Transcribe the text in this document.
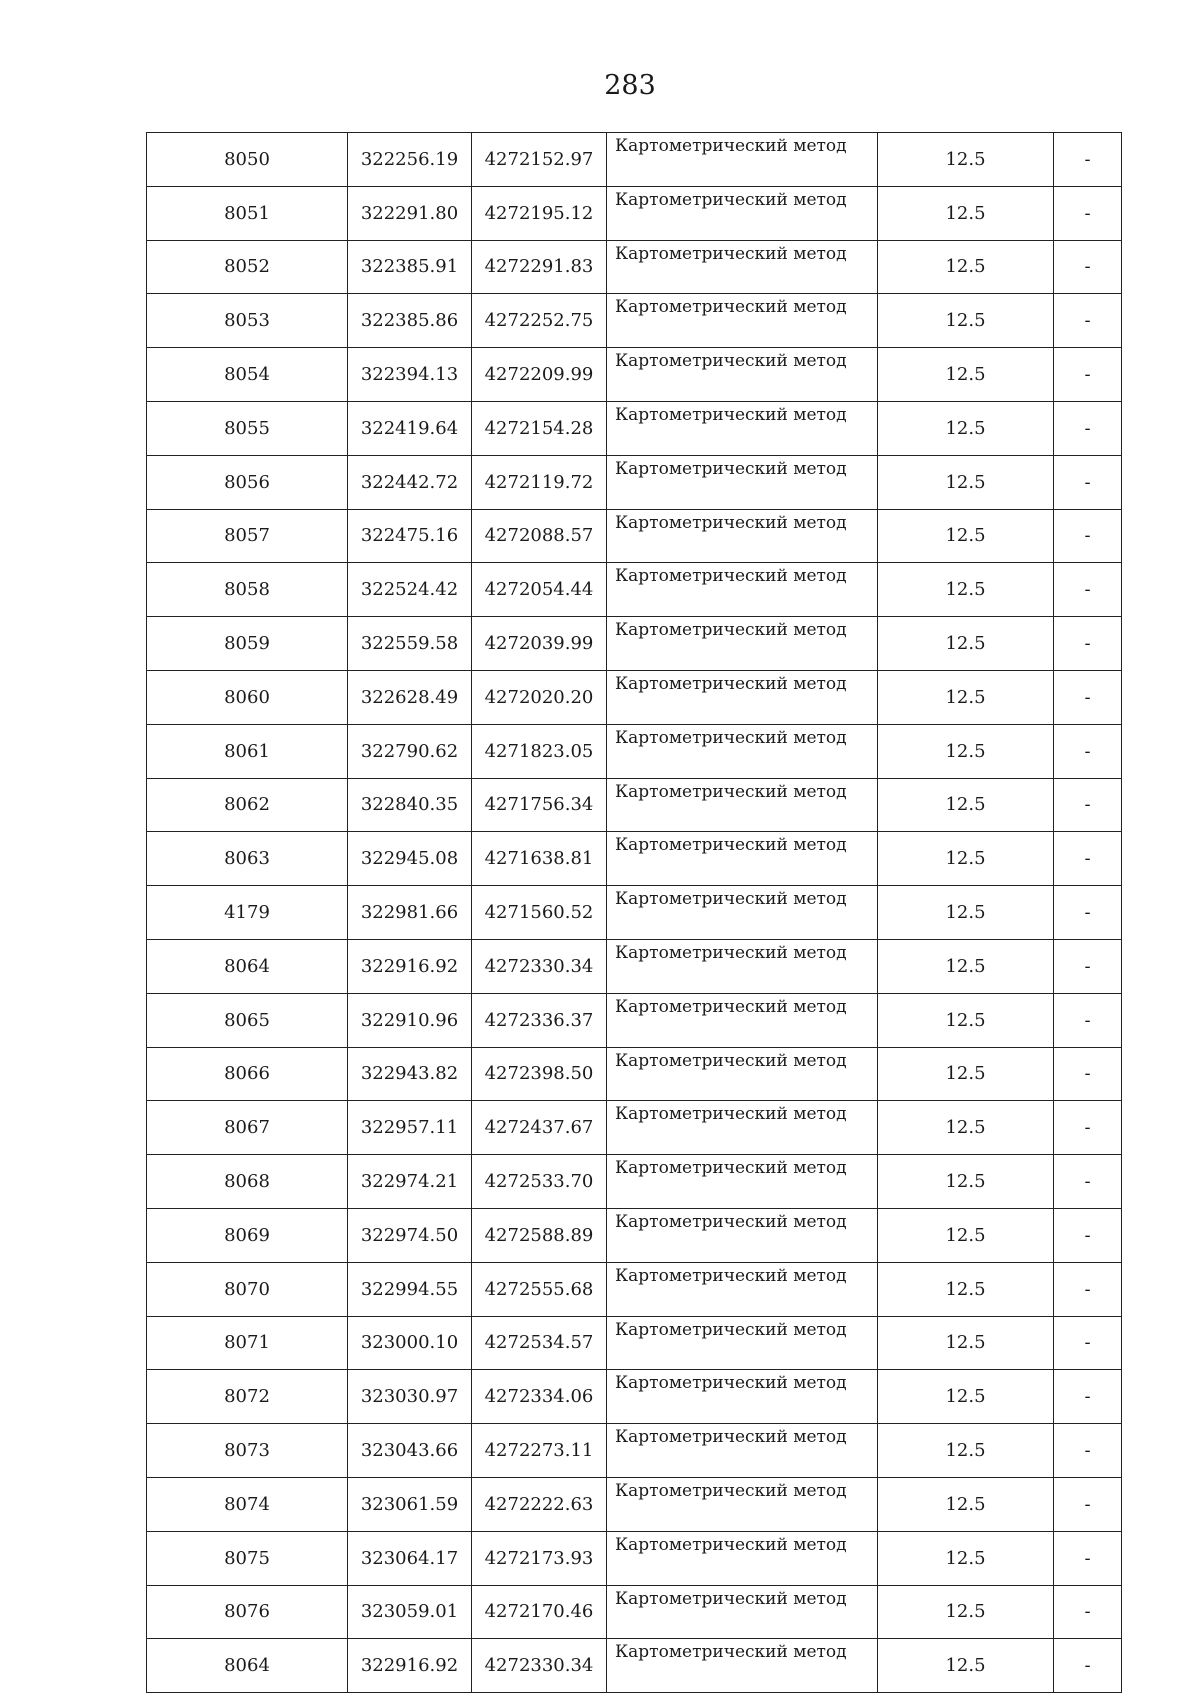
283
8050	322256.19	4272152.97	Картометрический метод	12.5	-
8051	322291.80	4272195.12	Картометрический метод	12.5	-
8052	322385.91	4272291.83	Картометрический метод	12.5	-
8053	322385.86	4272252.75	Картометрический метод	12.5	-
8054	322394.13	4272209.99	Картометрический метод	12.5	-
8055	322419.64	4272154.28	Картометрический метод	12.5	-
8056	322442.72	4272119.72	Картометрический метод	12.5	-
8057	322475.16	4272088.57	Картометрический метод	12.5	-
8058	322524.42	4272054.44	Картометрический метод	12.5	-
8059	322559.58	4272039.99	Картометрический метод	12.5	-
8060	322628.49	4272020.20	Картометрический метод	12.5	-
8061	322790.62	4271823.05	Картометрический метод	12.5	-
8062	322840.35	4271756.34	Картометрический метод	12.5	-
8063	322945.08	4271638.81	Картометрический метод	12.5	-
4179	322981.66	4271560.52	Картометрический метод	12.5	-
8064	322916.92	4272330.34	Картометрический метод	12.5	-
8065	322910.96	4272336.37	Картометрический метод	12.5	-
8066	322943.82	4272398.50	Картометрический метод	12.5	-
8067	322957.11	4272437.67	Картометрический метод	12.5	-
8068	322974.21	4272533.70	Картометрический метод	12.5	-
8069	322974.50	4272588.89	Картометрический метод	12.5	-
8070	322994.55	4272555.68	Картометрический метод	12.5	-
8071	323000.10	4272534.57	Картометрический метод	12.5	-
8072	323030.97	4272334.06	Картометрический метод	12.5	-
8073	323043.66	4272273.11	Картометрический метод	12.5	-
8074	323061.59	4272222.63	Картометрический метод	12.5	-
8075	323064.17	4272173.93	Картометрический метод	12.5	-
8076	323059.01	4272170.46	Картометрический метод	12.5	-
8064	322916.92	4272330.34	Картометрический метод	12.5	-
